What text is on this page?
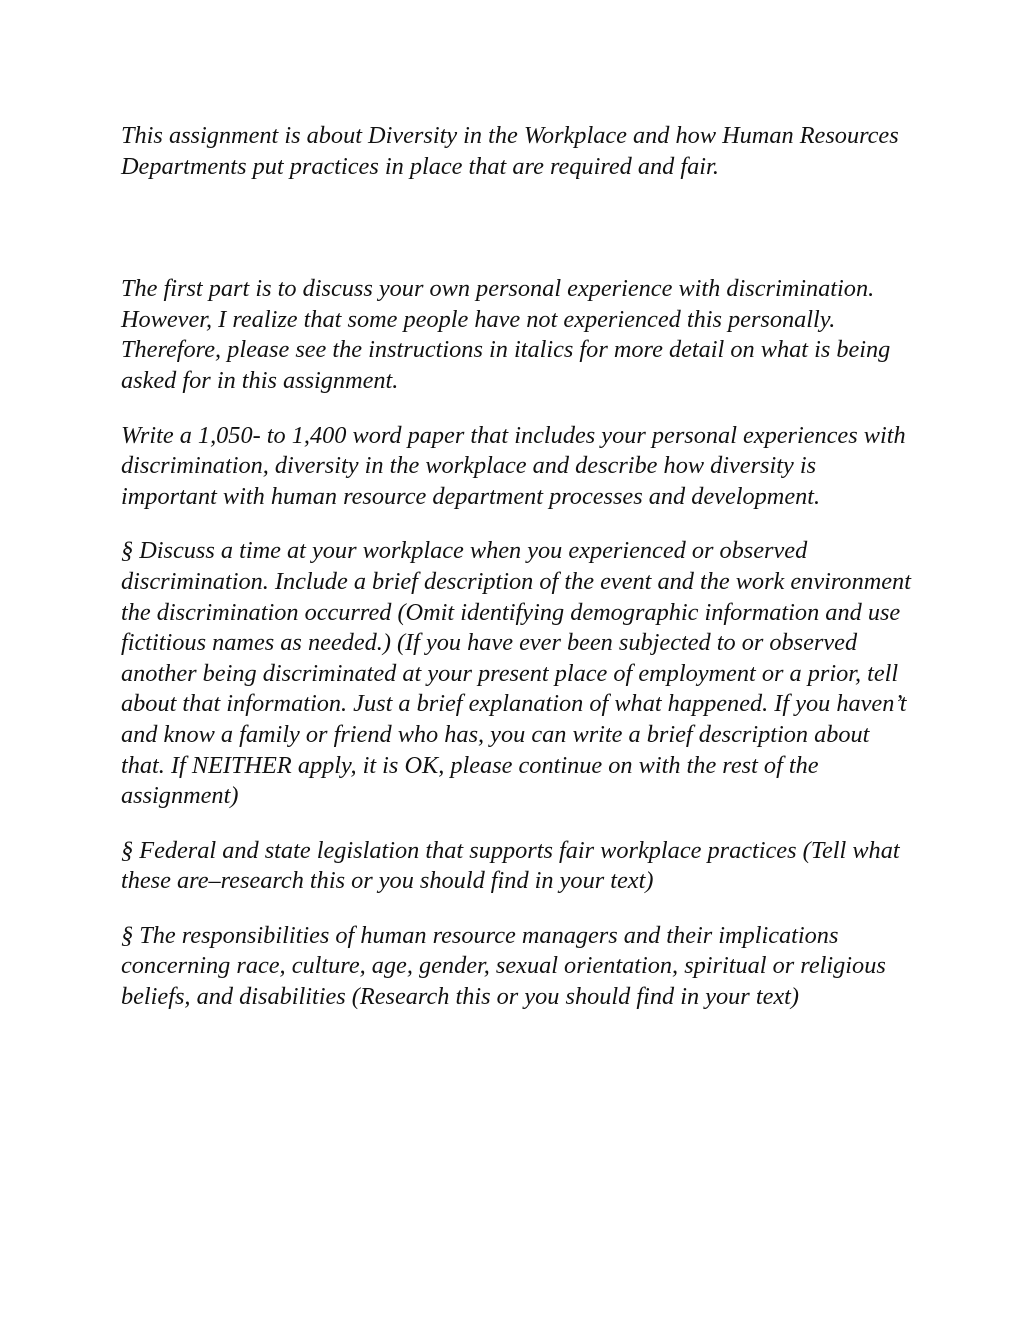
This assignment is about Diversity in the Workplace and how Human Resources Departments put practices in place that are required and fair.

The first part is to discuss your own personal experience with discrimination. However, I realize that some people have not experienced this personally. Therefore, please see the instructions in italics for more detail on what is being asked for in this assignment.

Write a 1,050- to 1,400 word paper that includes your personal experiences with discrimination, diversity in the workplace and describe how diversity is important with human resource department processes and development.

§ Discuss a time at your workplace when you experienced or observed discrimination. Include a brief description of the event and the work environment the discrimination occurred (Omit identifying demographic information and use fictitious names as needed.) (If you have ever been subjected to or observed another being discriminated at your present place of employment or a prior, tell about that information. Just a brief explanation of what happened. If you haven’t and know a family or friend who has, you can write a brief description about that. If NEITHER apply, it is OK, please continue on with the rest of the assignment)

§ Federal and state legislation that supports fair workplace practices (Tell what these are–research this or you should find in your text)

§ The responsibilities of human resource managers and their implications concerning race, culture, age, gender, sexual orientation, spiritual or religious beliefs, and disabilities (Research this or you should find in your text)
